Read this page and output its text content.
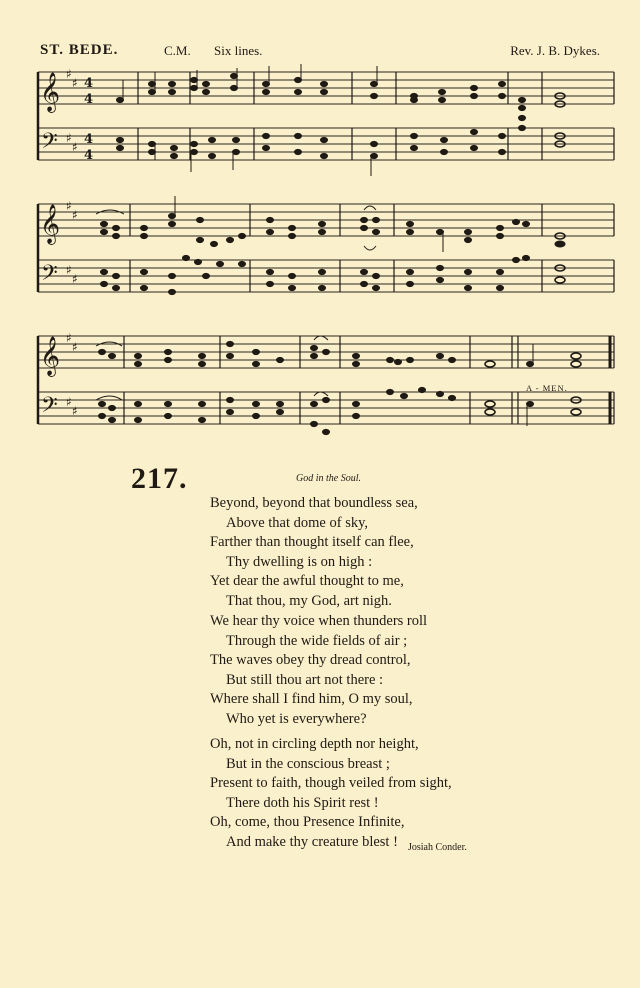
ST. BEDE.	C.M. Six lines.	Rev. J. B. Dykes.
𝄞
𝄢
𝄞
𝄢
𝄞
𝄢
♯
♯
♯
♯
♯
♯
♯
♯
♯
♯
♯
♯
4
4
4
4
A - MEN.
217.	God in the Soul.
Beyond, beyond that boundless sea,
Above that dome of sky,
Farther than thought itself can flee,
Thy dwelling is on high :
Yet dear the awful thought to me,
That thou, my God, art nigh.
We hear thy voice when thunders roll
Through the wide fields of air ;
The waves obey thy dread control,
But still thou art not there :
Where shall I find him, O my soul,
Who yet is everywhere?
Oh, not in circling depth nor height,
But in the conscious breast ;
Present to faith, though veiled from sight,
There doth his Spirit rest !
Oh, come, thou Presence Infinite,
And make thy creature blest !	Josiah Conder.
